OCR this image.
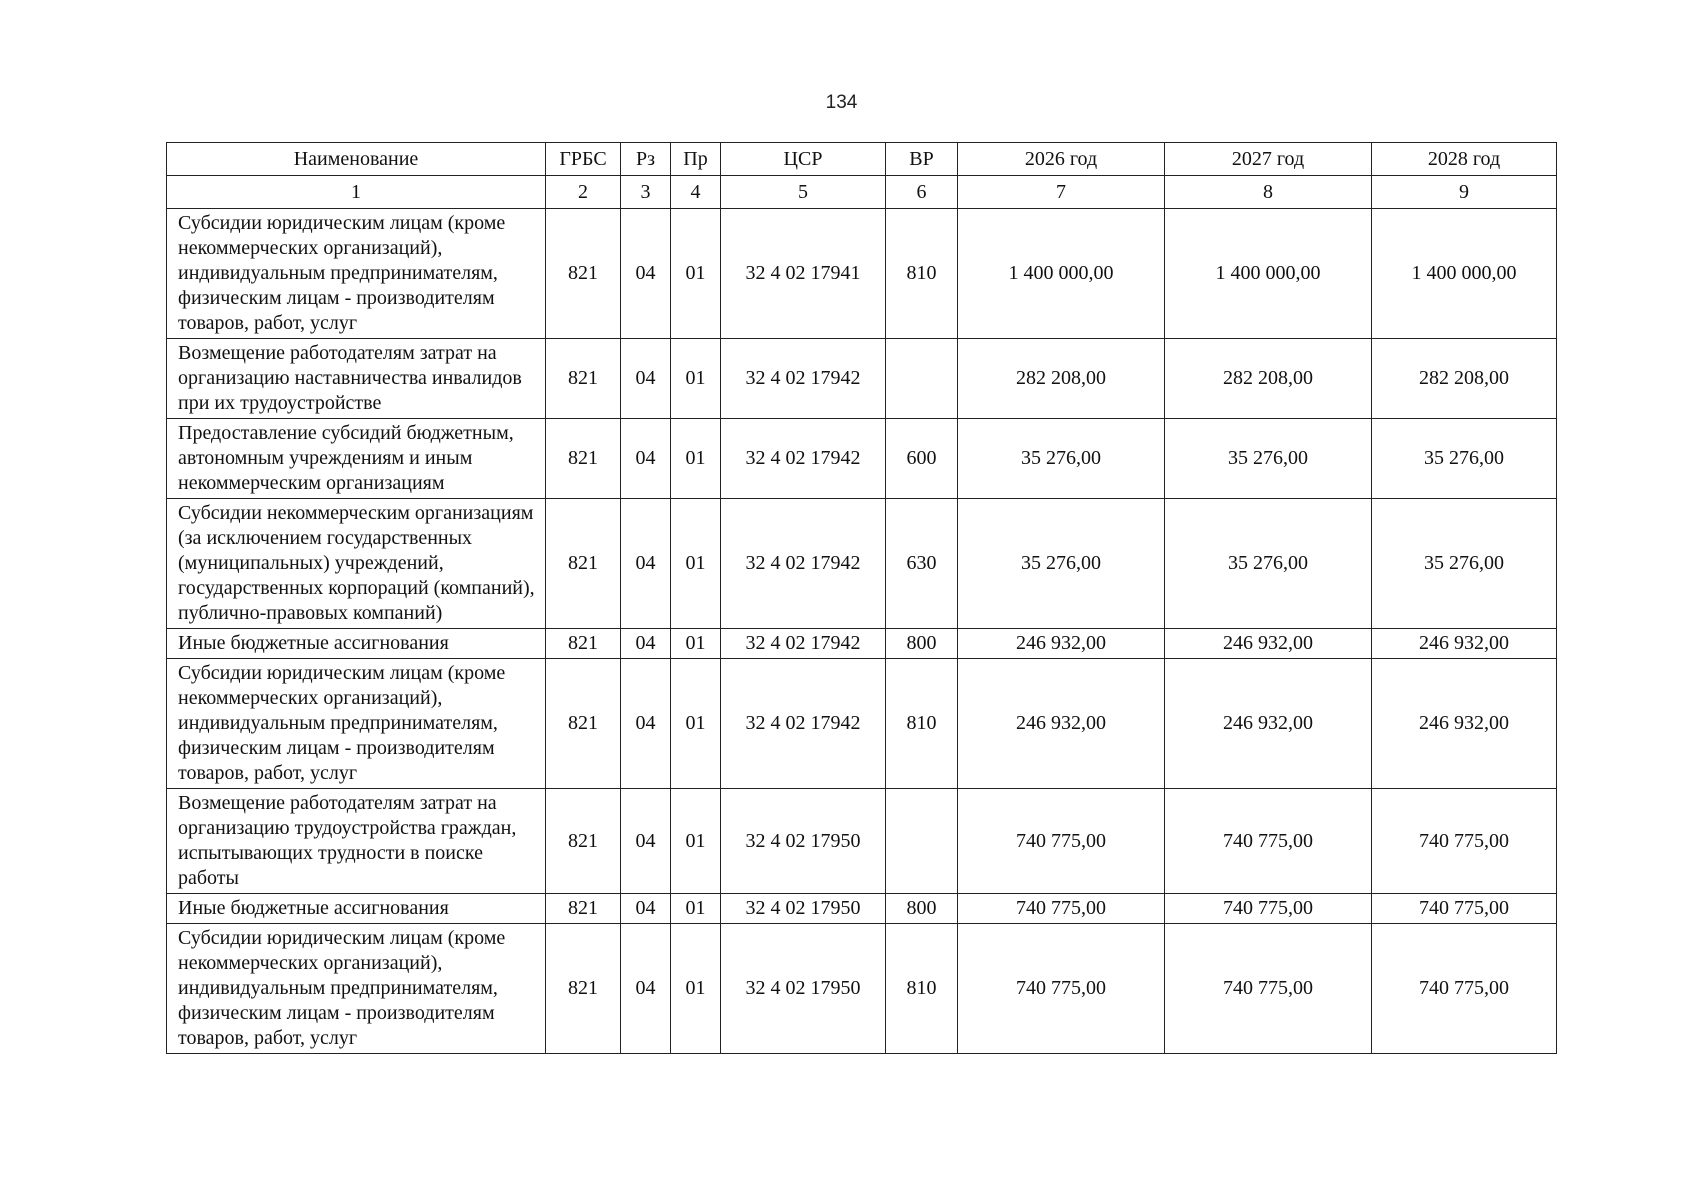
134
Наименование	ГРБС	Рз	Пр	ЦСР	ВР	2026 год	2027 год	2028 год
1	2	3	4	5	6	7	8	9
Субсидии юридическим лицам (кроме некоммерческих организаций), индивидуальным предпринимателям, физическим лицам - производителям товаров, работ, услуг	821	04	01	32 4 02 17941	810	1 400 000,00	1 400 000,00	1 400 000,00
Возмещение работодателям затрат на организацию наставничества инвалидов при их трудоустройстве	821	04	01	32 4 02 17942		282 208,00	282 208,00	282 208,00
Предоставление субсидий бюджетным, автономным учреждениям и иным некоммерческим организациям	821	04	01	32 4 02 17942	600	35 276,00	35 276,00	35 276,00
Субсидии некоммерческим организациям (за исключением государственных (муниципальных) учреждений, государственных корпораций (компаний), публично-правовых компаний)	821	04	01	32 4 02 17942	630	35 276,00	35 276,00	35 276,00
Иные бюджетные ассигнования	821	04	01	32 4 02 17942	800	246 932,00	246 932,00	246 932,00
Субсидии юридическим лицам (кроме некоммерческих организаций), индивидуальным предпринимателям, физическим лицам - производителям товаров, работ, услуг	821	04	01	32 4 02 17942	810	246 932,00	246 932,00	246 932,00
Возмещение работодателям затрат на организацию трудоустройства граждан, испытывающих трудности в поиске работы	821	04	01	32 4 02 17950		740 775,00	740 775,00	740 775,00
Иные бюджетные ассигнования	821	04	01	32 4 02 17950	800	740 775,00	740 775,00	740 775,00
Субсидии юридическим лицам (кроме некоммерческих организаций), индивидуальным предпринимателям, физическим лицам - производителям товаров, работ, услуг	821	04	01	32 4 02 17950	810	740 775,00	740 775,00	740 775,00
